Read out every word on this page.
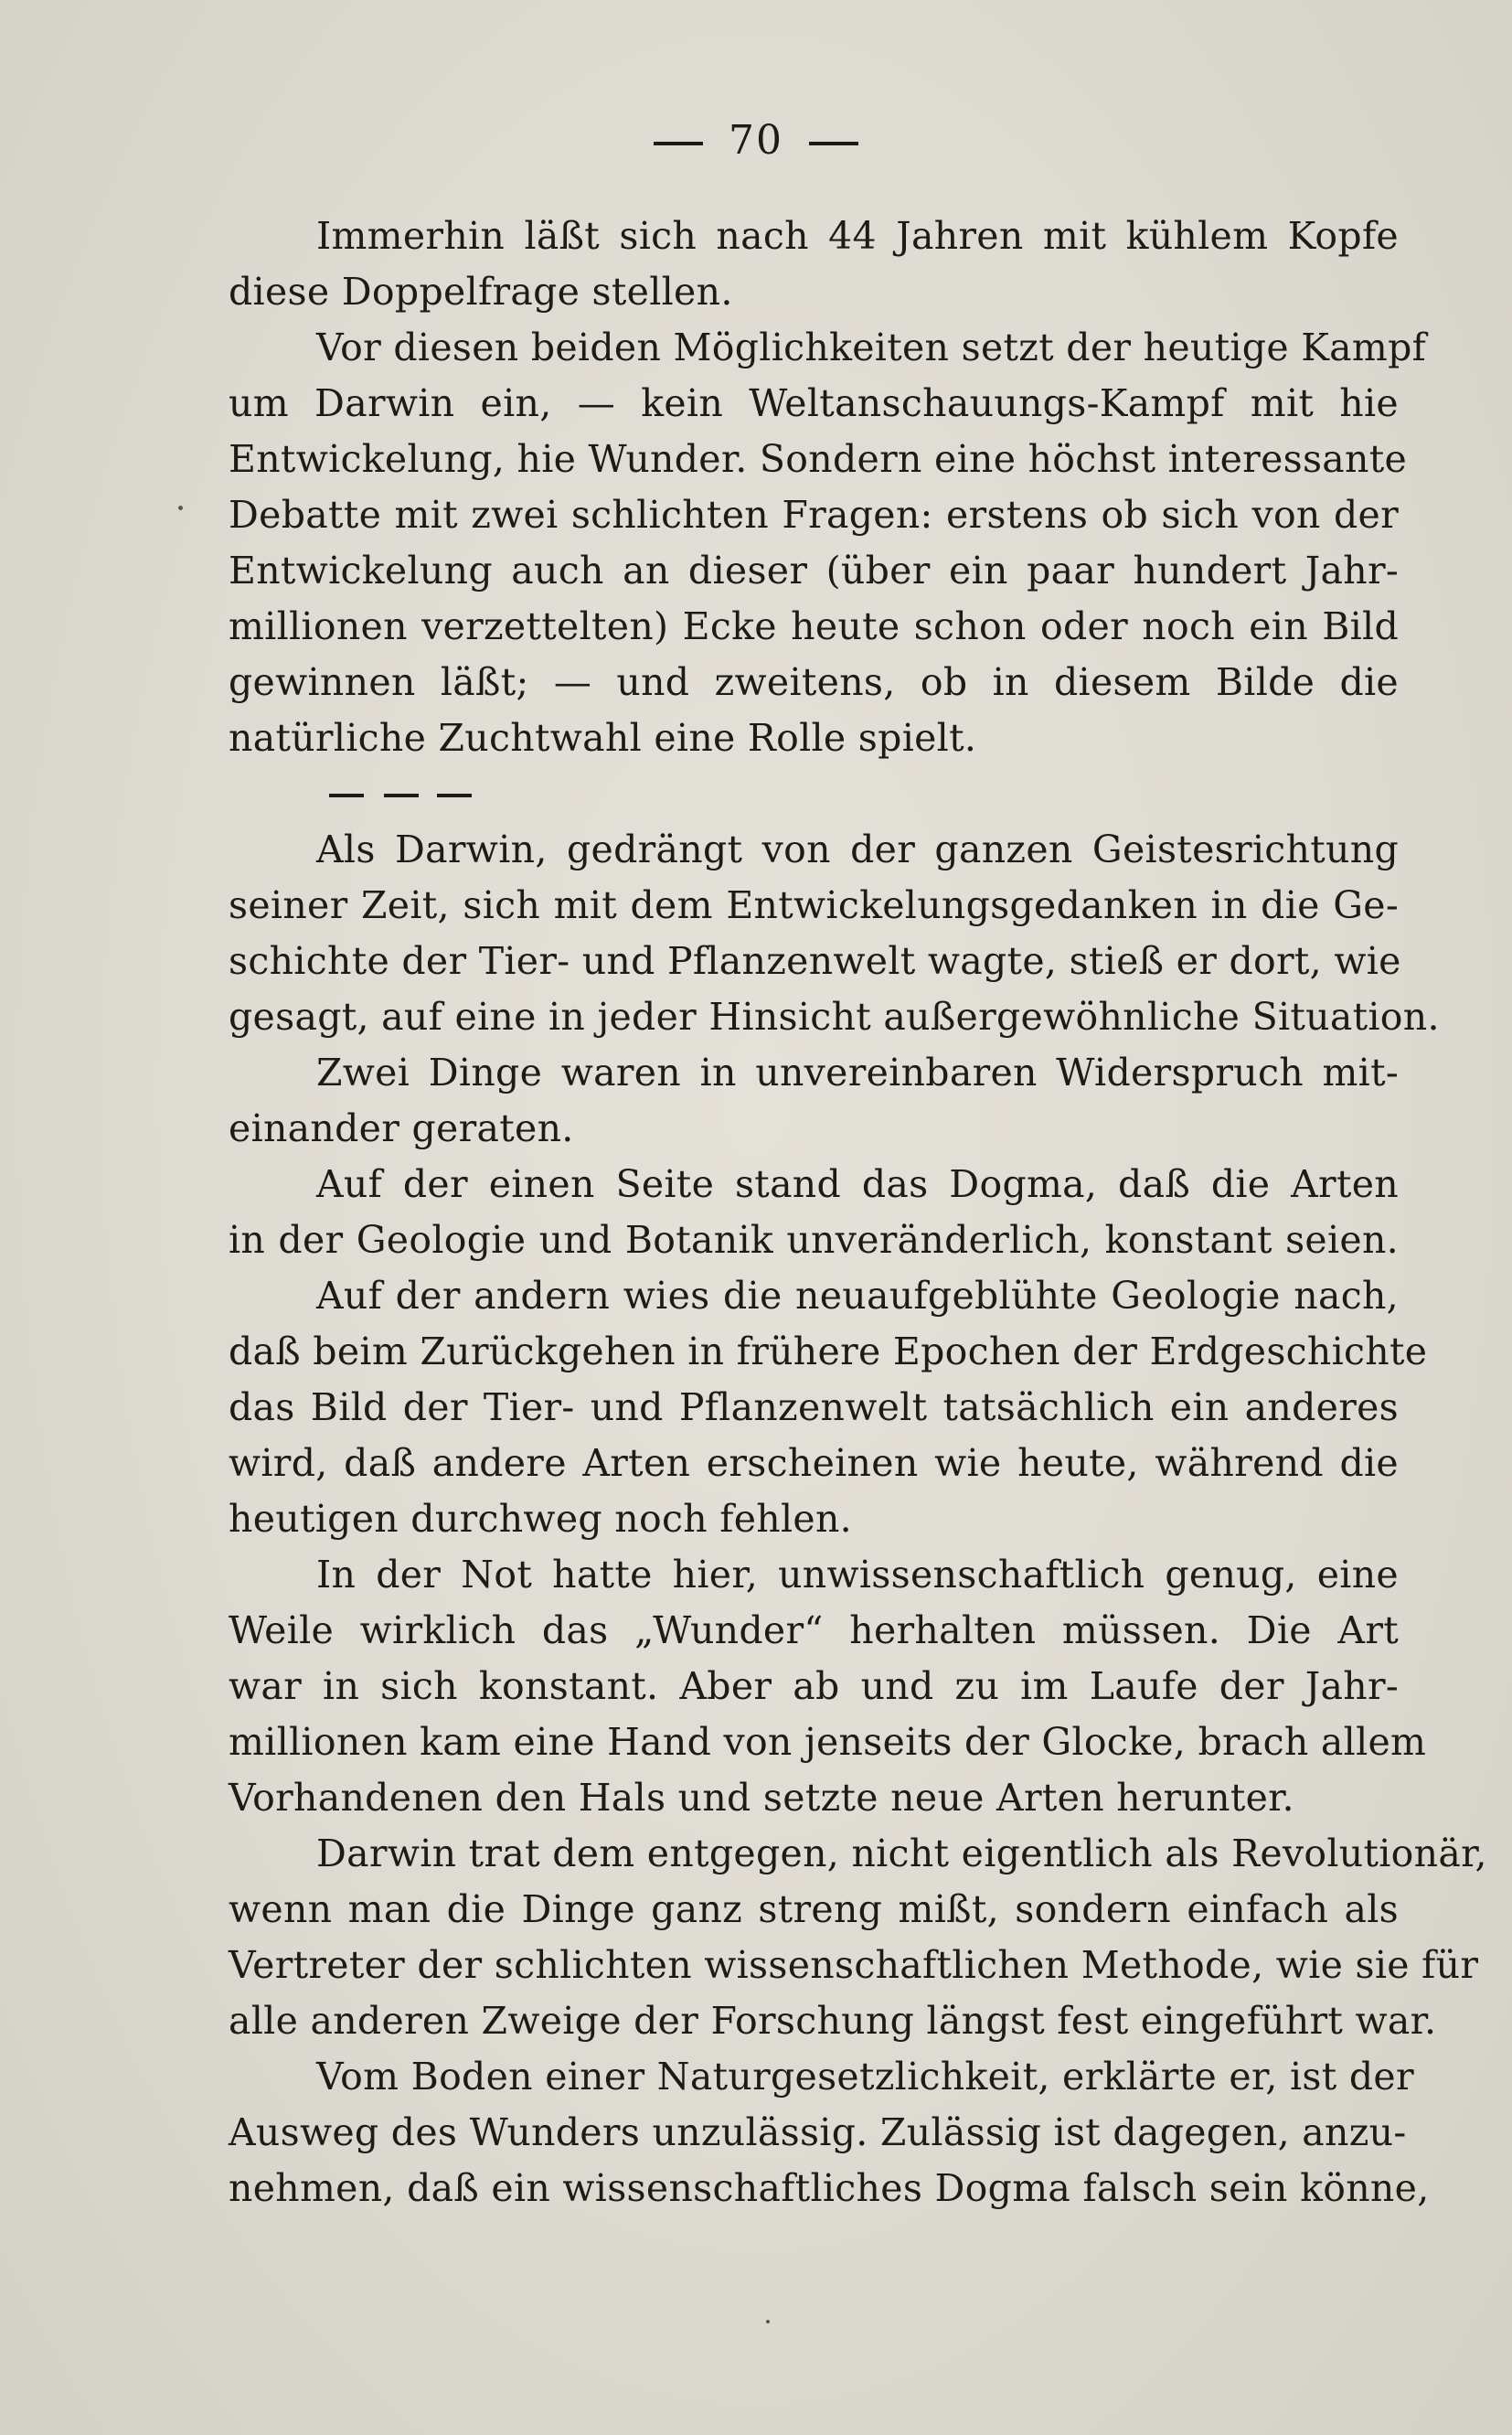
70
Immerhin läßt sich nach 44 Jahren mit kühlem Kopfe
diese Doppelfrage stellen.
Vor diesen beiden Möglichkeiten setzt der heutige Kampf
um Darwin ein, — kein Weltanschauungs-Kampf mit hie
Entwickelung, hie Wunder. Sondern eine höchst interessante
Debatte mit zwei schlichten Fragen: erstens ob sich von der
Entwickelung auch an dieser (über ein paar hundert Jahr-
millionen verzettelten) Ecke heute schon oder noch ein Bild
gewinnen läßt; — und zweitens, ob in diesem Bilde die
natürliche Zuchtwahl eine Rolle spielt.
Als Darwin, gedrängt von der ganzen Geistesrichtung
seiner Zeit, sich mit dem Entwickelungsgedanken in die Ge-
schichte der Tier- und Pflanzenwelt wagte, stieß er dort, wie
gesagt, auf eine in jeder Hinsicht außergewöhnliche Situation.
Zwei Dinge waren in unvereinbaren Widerspruch mit-
einander geraten.
Auf der einen Seite stand das Dogma, daß die Arten
in der Geologie und Botanik unveränderlich, konstant seien.
Auf der andern wies die neuaufgeblühte Geologie nach,
daß beim Zurückgehen in frühere Epochen der Erdgeschichte
das Bild der Tier- und Pflanzenwelt tatsächlich ein anderes
wird, daß andere Arten erscheinen wie heute, während die
heutigen durchweg noch fehlen.
In der Not hatte hier, unwissenschaftlich genug, eine
Weile wirklich das „Wunder“ herhalten müssen. Die Art
war in sich konstant. Aber ab und zu im Laufe der Jahr-
millionen kam eine Hand von jenseits der Glocke, brach allem
Vorhandenen den Hals und setzte neue Arten herunter.
Darwin trat dem entgegen, nicht eigentlich als Revolutionär,
wenn man die Dinge ganz streng mißt, sondern einfach als
Vertreter der schlichten wissenschaftlichen Methode, wie sie für
alle anderen Zweige der Forschung längst fest eingeführt war.
Vom Boden einer Naturgesetzlichkeit, erklärte er, ist der
Ausweg des Wunders unzulässig. Zulässig ist dagegen, anzu-
nehmen, daß ein wissenschaftliches Dogma falsch sein könne,
